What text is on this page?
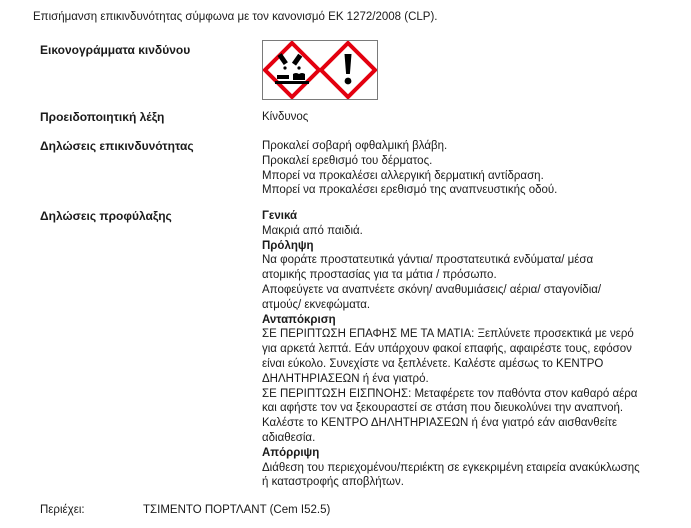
Επισήμανση επικινδυνότητας σύμφωνα με τον κανονισμό ΕΚ 1272/2008 (CLP).
Εικονογράμματα κινδύνου
Προειδοποιητική λέξη	Κίνδυνος
Δηλώσεις επικινδυνότητας	Προκαλεί σοβαρή οφθαλμική βλάβη.
Προκαλεί ερεθισμό του δέρματος.
Μπορεί να προκαλέσει αλλεργική δερματική αντίδραση.
Μπορεί να προκαλέσει ερεθισμό της αναπνευστικής οδού.
Δηλώσεις προφύλαξης	Γενικά
Μακριά από παιδιά.
Πρόληψη
Να φοράτε προστατευτικά γάντια/ προστατευτικά ενδύματα/ μέσα
ατομικής προστασίας για τα μάτια / πρόσωπο.
Αποφεύγετε να αναπνέετε σκόνη/ αναθυμιάσεις/ αέρια/ σταγονίδια/
ατμούς/ εκνεφώματα.
Ανταπόκριση
ΣΕ ΠΕΡΙΠΤΩΣΗ ΕΠΑΦΗΣ ΜΕ ΤΑ ΜΑΤΙΑ: Ξεπλύνετε προσεκτικά με νερό
για αρκετά λεπτά. Εάν υπάρχουν φακοί επαφής, αφαιρέστε τους, εφόσον
είναι εύκολο. Συνεχίστε να ξεπλένετε. Καλέστε αμέσως το ΚΕΝΤΡΟ
ΔΗΛΗΤΗΡΙΑΣΕΩΝ ή ένα γιατρό.
ΣΕ ΠΕΡΙΠΤΩΣΗ ΕΙΣΠΝΟΗΣ: Μεταφέρετε τον παθόντα στον καθαρό αέρα
και αφήστε τον να ξεκουραστεί σε στάση που διευκολύνει την αναπνοή.
Καλέστε το ΚΕΝΤΡΟ ΔΗΛΗΤΗΡΙΑΣΕΩΝ ή ένα γιατρό εάν αισθανθείτε
αδιαθεσία.
Απόρριψη
Διάθεση του περιεχομένου/περιέκτη σε εγκεκριμένη εταιρεία ανακύκλωσης
ή καταστροφής αποβλήτων.
Περιέχει:	ΤΣΙΜΕΝΤΟ ΠΟΡΤΛΑΝΤ (Cem I52.5)
